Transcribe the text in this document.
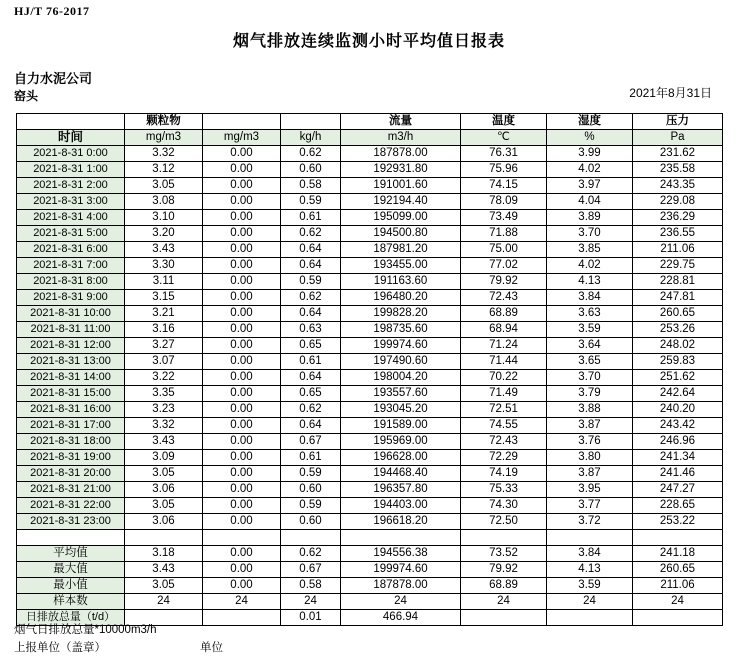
HJ/T 76-2017
烟气排放连续监测小时平均值日报表
自力水泥公司
窑头	2021年8月31日
	颗粒物			流量	温度	湿度	压力
时间	mg/m3	mg/m3	kg/h	m3/h	℃	%	Pa
2021-8-31 0:00	3.32	0.00	0.62	187878.00	76.31	3.99	231.62
2021-8-31 1:00	3.12	0.00	0.60	192931.80	75.96	4.02	235.58
2021-8-31 2:00	3.05	0.00	0.58	191001.60	74.15	3.97	243.35
2021-8-31 3:00	3.08	0.00	0.59	192194.40	78.09	4.04	229.08
2021-8-31 4:00	3.10	0.00	0.61	195099.00	73.49	3.89	236.29
2021-8-31 5:00	3.20	0.00	0.62	194500.80	71.88	3.70	236.55
2021-8-31 6:00	3.43	0.00	0.64	187981.20	75.00	3.85	211.06
2021-8-31 7:00	3.30	0.00	0.64	193455.00	77.02	4.02	229.75
2021-8-31 8:00	3.11	0.00	0.59	191163.60	79.92	4.13	228.81
2021-8-31 9:00	3.15	0.00	0.62	196480.20	72.43	3.84	247.81
2021-8-31 10:00	3.21	0.00	0.64	199828.20	68.89	3.63	260.65
2021-8-31 11:00	3.16	0.00	0.63	198735.60	68.94	3.59	253.26
2021-8-31 12:00	3.27	0.00	0.65	199974.60	71.24	3.64	248.02
2021-8-31 13:00	3.07	0.00	0.61	197490.60	71.44	3.65	259.83
2021-8-31 14:00	3.22	0.00	0.64	198004.20	70.22	3.70	251.62
2021-8-31 15:00	3.35	0.00	0.65	193557.60	71.49	3.79	242.64
2021-8-31 16:00	3.23	0.00	0.62	193045.20	72.51	3.88	240.20
2021-8-31 17:00	3.32	0.00	0.64	191589.00	74.55	3.87	243.42
2021-8-31 18:00	3.43	0.00	0.67	195969.00	72.43	3.76	246.96
2021-8-31 19:00	3.09	0.00	0.61	196628.00	72.29	3.80	241.34
2021-8-31 20:00	3.05	0.00	0.59	194468.40	74.19	3.87	241.46
2021-8-31 21:00	3.06	0.00	0.60	196357.80	75.33	3.95	247.27
2021-8-31 22:00	3.05	0.00	0.59	194403.00	74.30	3.77	228.65
2021-8-31 23:00	3.06	0.00	0.60	196618.20	72.50	3.72	253.22

平均值	3.18	0.00	0.62	194556.38	73.52	3.84	241.18
最大值	3.43	0.00	0.67	199974.60	79.92	4.13	260.65
最小值	3.05	0.00	0.58	187878.00	68.89	3.59	211.06
样本数	24	24	24	24	24	24	24
日排放总量（t/d）			0.01	466.94			
烟气日排放总量*10000m3/h
上报单位（盖章）	单位
